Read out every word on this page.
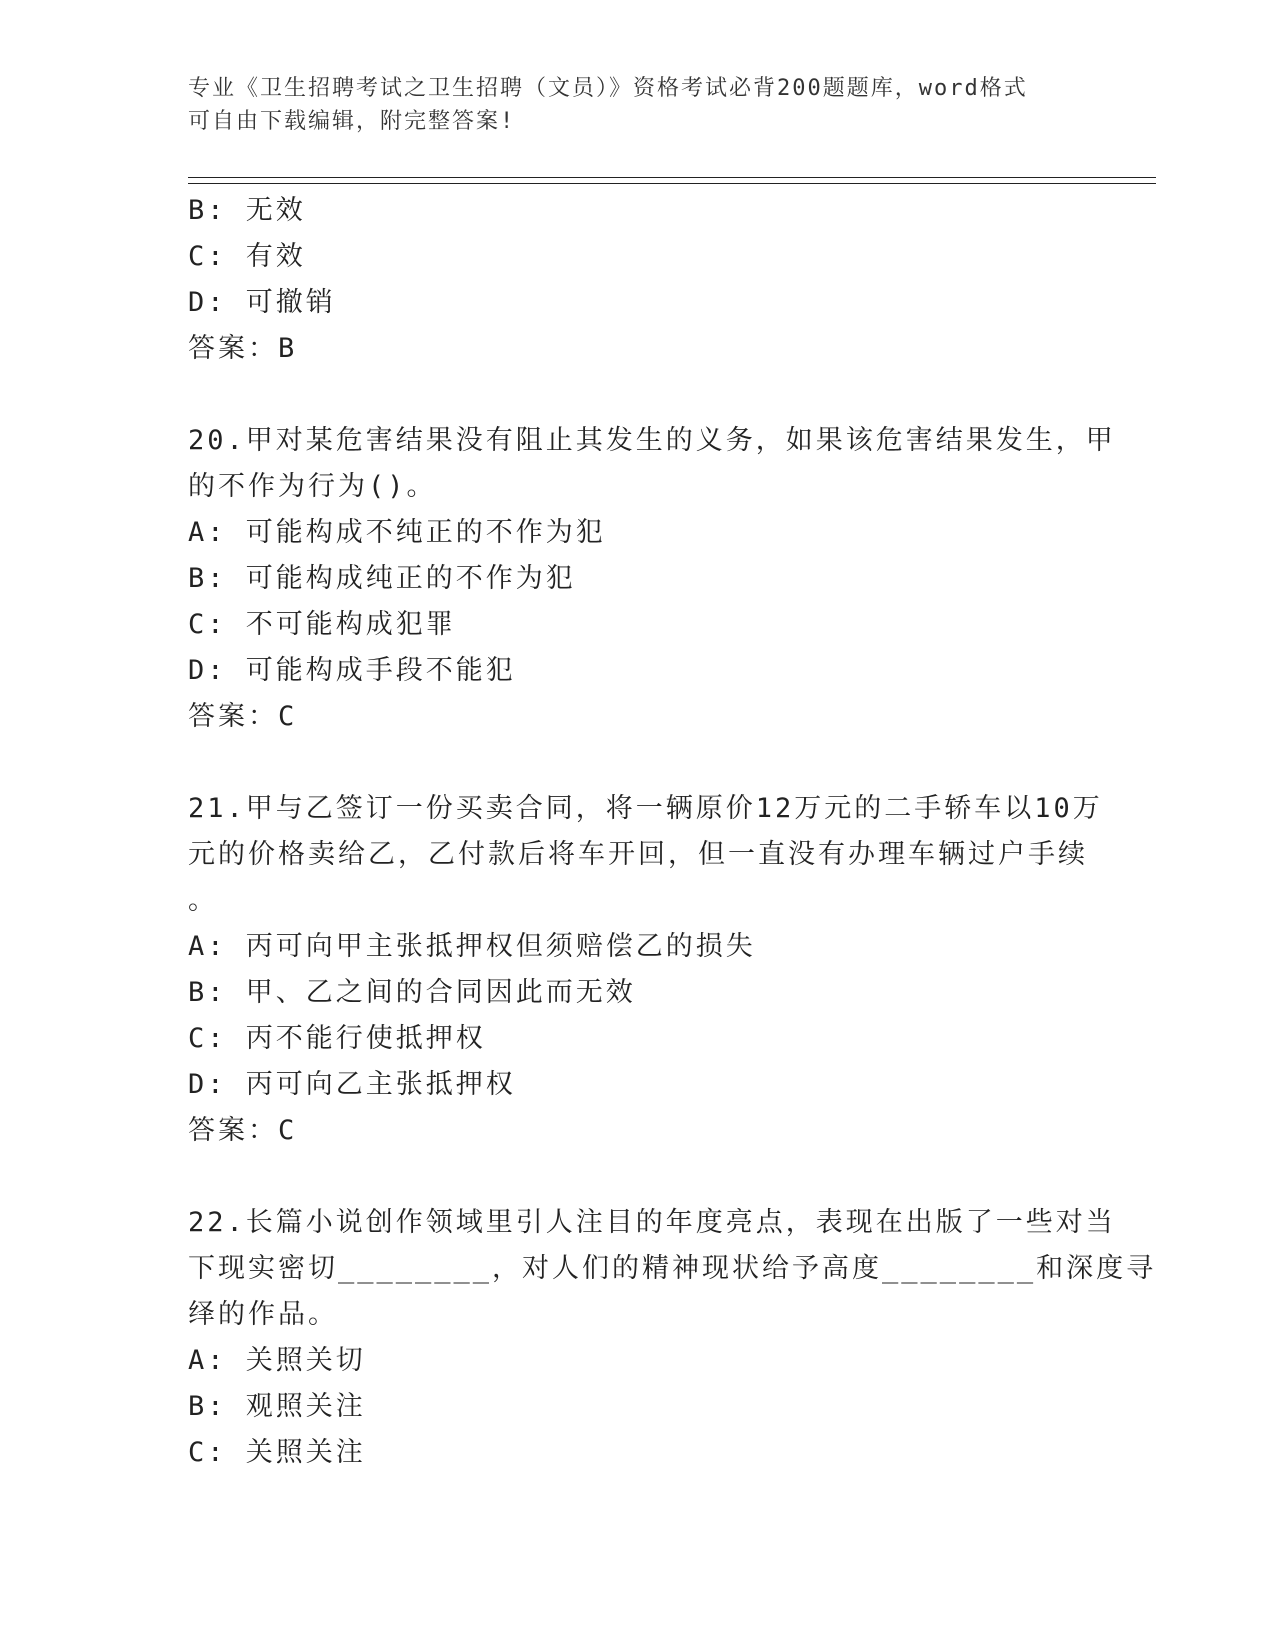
专业《卫生招聘考试之卫生招聘（文员）》资格考试必背200题题库，word格式
可自由下载编辑，附完整答案!
B: 无效
C: 有效
D: 可撤销
答案：B
20.甲对某危害结果没有阻止其发生的义务，如果该危害结果发生，甲
的不作为行为()。
A: 可能构成不纯正的不作为犯
B: 可能构成纯正的不作为犯
C: 不可能构成犯罪
D: 可能构成手段不能犯
答案：C
21.甲与乙签订一份买卖合同，将一辆原价12万元的二手轿车以10万
元的价格卖给乙，乙付款后将车开回，但一直没有办理车辆过户手续
。
A: 丙可向甲主张抵押权但须赔偿乙的损失
B: 甲、乙之间的合同因此而无效
C: 丙不能行使抵押权
D: 丙可向乙主张抵押权
答案：C
22.长篇小说创作领域里引人注目的年度亮点，表现在出版了一些对当
下现实密切________，对人们的精神现状给予高度________和深度寻
绎的作品。
A: 关照关切
B: 观照关注
C: 关照关注
